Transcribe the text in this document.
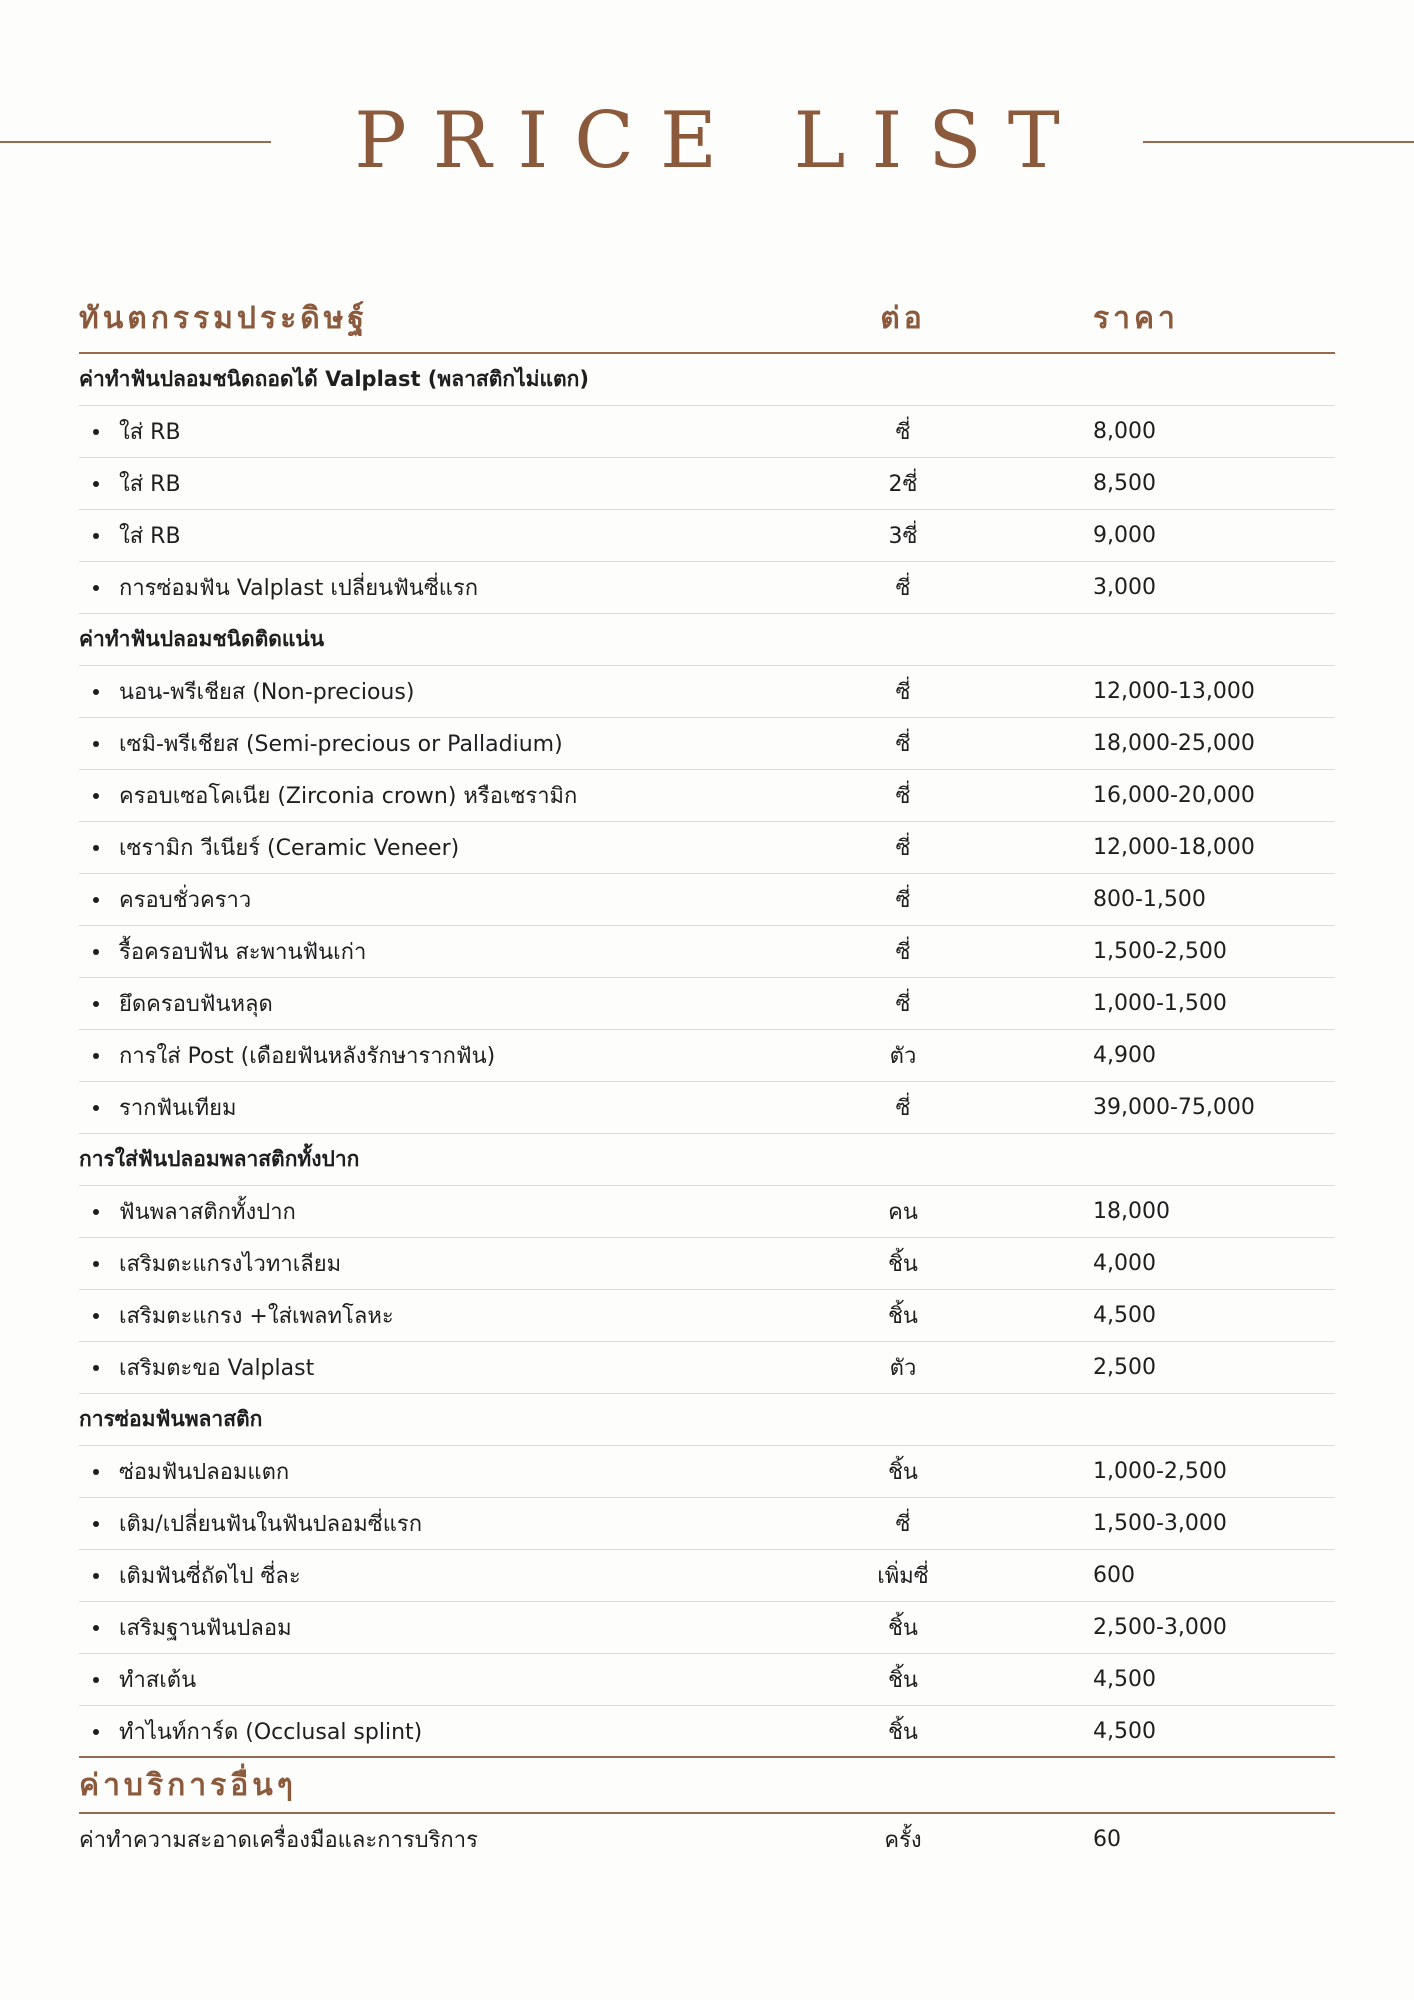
PRICE LIST
ทันตกรรมประดิษฐ์	ต่อ	ราคา
ค่าทำฟันปลอมชนิดถอดได้ Valplast (พลาสติกไม่แตก)
ใส่ RB	ซี่	8,000
ใส่ RB	2ซี่	8,500
ใส่ RB	3ซี่	9,000
การซ่อมฟัน Valplast เปลี่ยนฟันซี่แรก	ซี่	3,000
ค่าทำฟันปลอมชนิดติดแน่น
นอน-พรีเชียส (Non-precious)	ซี่	12,000-13,000
เซมิ-พรีเชียส (Semi-precious or Palladium)	ซี่	18,000-25,000
ครอบเซอโคเนีย (Zirconia crown) หรือเซรามิก	ซี่	16,000-20,000
เซรามิก วีเนียร์ (Ceramic Veneer)	ซี่	12,000-18,000
ครอบชั่วคราว	ซี่	800-1,500
รื้อครอบฟัน สะพานฟันเก่า	ซี่	1,500-2,500
ยึดครอบฟันหลุด	ซี่	1,000-1,500
การใส่ Post (เดือยฟันหลังรักษารากฟัน)	ตัว	4,900
รากฟันเทียม	ซี่	39,000-75,000
การใส่ฟันปลอมพลาสติกทั้งปาก
ฟันพลาสติกทั้งปาก	คน	18,000
เสริมตะแกรงไวทาเลียม	ชิ้น	4,000
เสริมตะแกรง +ใส่เพลทโลหะ	ชิ้น	4,500
เสริมตะขอ Valplast	ตัว	2,500
การซ่อมฟันพลาสติก
ซ่อมฟันปลอมแตก	ชิ้น	1,000-2,500
เติม/เปลี่ยนฟันในฟันปลอมซี่แรก	ซี่	1,500-3,000
เติมฟันซี่ถัดไป ซี่ละ	เพิ่มซี่	600
เสริมฐานฟันปลอม	ชิ้น	2,500-3,000
ทำสเต้น	ชิ้น	4,500
ทำไนท์การ์ด (Occlusal splint)	ชิ้น	4,500
ค่าบริการอื่นๆ
ค่าทำความสะอาดเครื่องมือและการบริการ	ครั้ง	60
